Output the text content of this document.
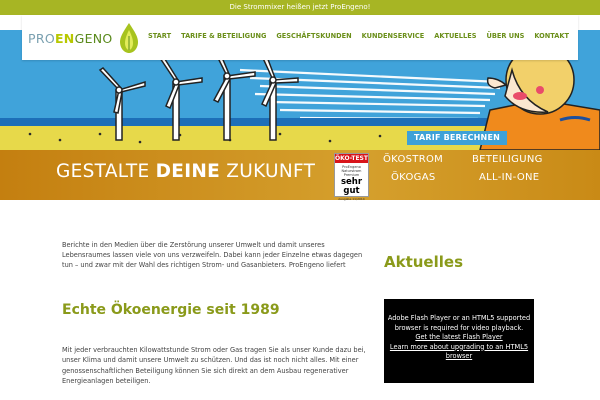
Die Strommixer heißen jetzt ProEngeno!
PROENGENO	START	TARIFE & BETEILIGUNG	GESCHÄFTSKUNDEN	KUNDENSERVICE	AKTUELLES	ÜBER UNS	KONTAKT
TARIF BERECHNEN
GESTALTE DEINE ZUKUNFT
ÖKO-TEST
ProEngeno Naturstrom Premium
sehr
gut
Ausgabe 11/2014
ÖKOSTROM
ÖKOGAS
BETEILIGUNG
ALL-IN-ONE

Berichte in den Medien über die Zerstörung unserer Umwelt und damit unseres Lebensraumes lassen viele von uns verzweifeln. Dabei kann jeder Einzelne etwas dagegen tun – und zwar mit der Wahl des richtigen Strom- und Gasanbieters. ProEngeno liefert

Echte Ökoenergie seit 1989

Mit jeder verbrauchten Kilowattstunde Strom oder Gas tragen Sie als unser Kunde dazu bei, unser Klima und damit unsere Umwelt zu schützen. Und das ist noch nicht alles. Mit einer genossenschaftlichen Beteiligung können Sie sich direkt an dem Ausbau regenerativer Energieanlagen beteiligen.

Aktuelles
Adobe Flash Player or an HTML5 supported browser is required for video playback.
Get the latest Flash Player
Learn more about upgrading to an HTML5 browser
